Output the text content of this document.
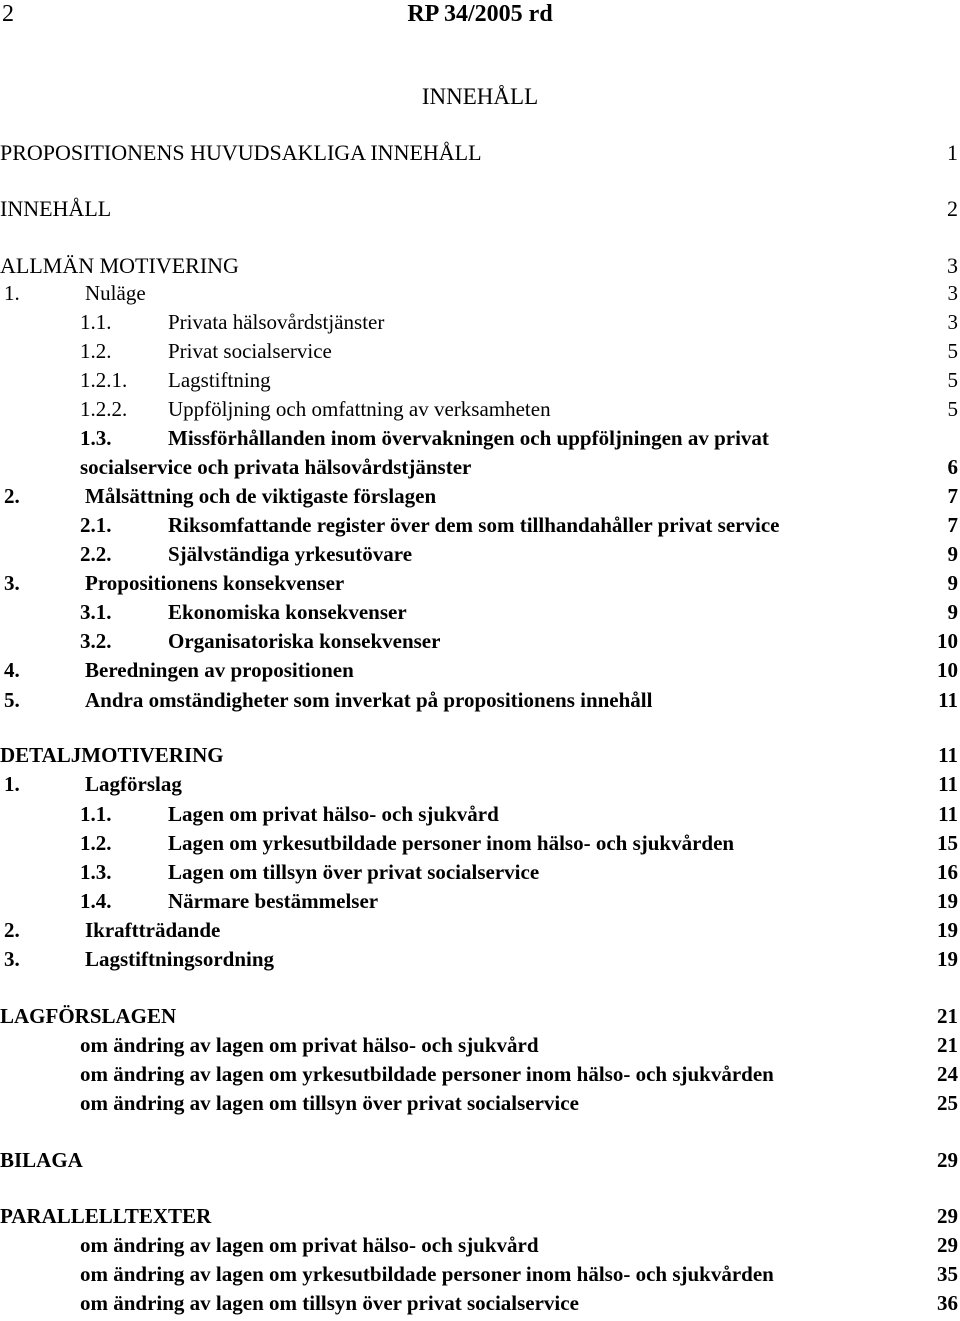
2	RP 34/2005 rd
INNEHÅLL
PROPOSITIONENS HUVUDSAKLIGA INNEHÅLL	1
INNEHÅLL	2
ALLMÄN MOTIVERING	3
1.	Nuläge	3
1.1.	Privata hälsovårdstjänster	3
1.2.	Privat socialservice	5
1.2.1.	Lagstiftning	5
1.2.2.	Uppföljning och omfattning av verksamheten	5
1.3.	Missförhållanden inom övervakningen och uppföljningen av privat
socialservice och privata hälsovårdstjänster	6
2.	Målsättning och de viktigaste förslagen	7
2.1.	Riksomfattande register över dem som tillhandahåller privat service	7
2.2.	Självständiga yrkesutövare	9
3.	Propositionens konsekvenser	9
3.1.	Ekonomiska konsekvenser	9
3.2.	Organisatoriska konsekvenser	10
4.	Beredningen av propositionen	10
5.	Andra omständigheter som inverkat på propositionens innehåll	11
DETALJMOTIVERING	11
1.	Lagförslag	11
1.1.	Lagen om privat hälso- och sjukvård	11
1.2.	Lagen om yrkesutbildade personer inom hälso- och sjukvården	15
1.3.	Lagen om tillsyn över privat socialservice	16
1.4.	Närmare bestämmelser	19
2.	Ikraftträdande	19
3.	Lagstiftningsordning	19
LAGFÖRSLAGEN	21
om ändring av lagen om privat hälso- och sjukvård	21
om ändring av lagen om yrkesutbildade personer inom hälso- och sjukvården	24
om ändring av lagen om tillsyn över privat socialservice	25
BILAGA	29
PARALLELLTEXTER	29
om ändring av lagen om privat hälso- och sjukvård	29
om ändring av lagen om yrkesutbildade personer inom hälso- och sjukvården	35
om ändring av lagen om tillsyn över privat socialservice	36
